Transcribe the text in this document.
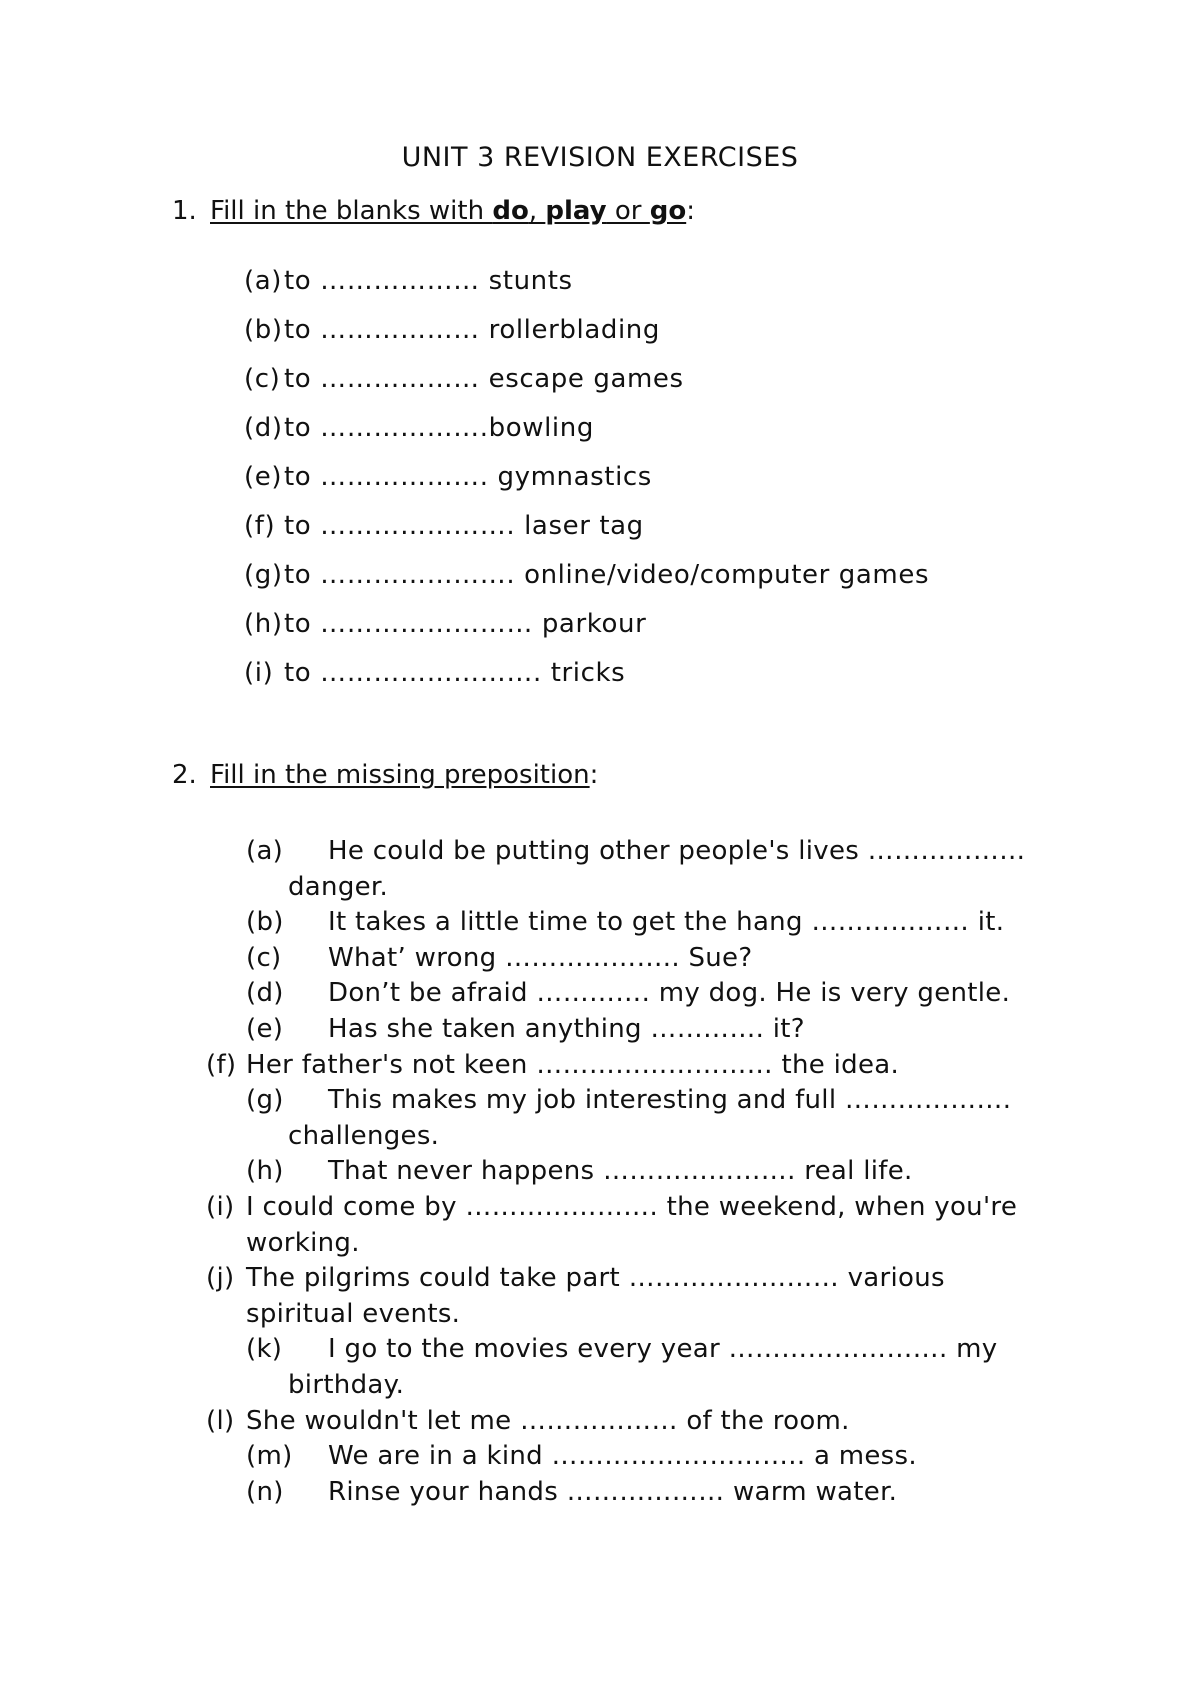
UNIT 3 REVISION EXERCISES
1. Fill in the blanks with do, play or go:
(a)to ……………… stunts
(b)to ……………… rollerblading
(c) to ……………… escape games
(d)to ……………….bowling
(e)to ………………. gymnastics
(f) to …………………. laser tag
(g)to …………………. online/video/computer games
(h)to …………………… parkour
(i) to ……………………. tricks
2. Fill in the missing preposition:
(a) He could be putting other people's lives ……………… danger.
(b) It takes a little time to get the hang ……………… it.
(c) What’ wrong ……………….. Sue?
(d) Don’t be afraid …………. my dog. He is very gentle.
(e) Has she taken anything …………. it?
(f) Her father's not keen ……………………… the idea.
(g) This makes my job interesting and full ………………. challenges.
(h) That never happens …………………. real life.
(i) I could come by …………………. the weekend, when you're working.
(j) The pilgrims could take part …………………… various spiritual events.
(k) I go to the movies every year ……………………. my birthday.
(l) She wouldn't let me ……………… of the room.
(m) We are in a kind ……………………….. a mess.
(n) Rinse your hands ……………… warm water.
